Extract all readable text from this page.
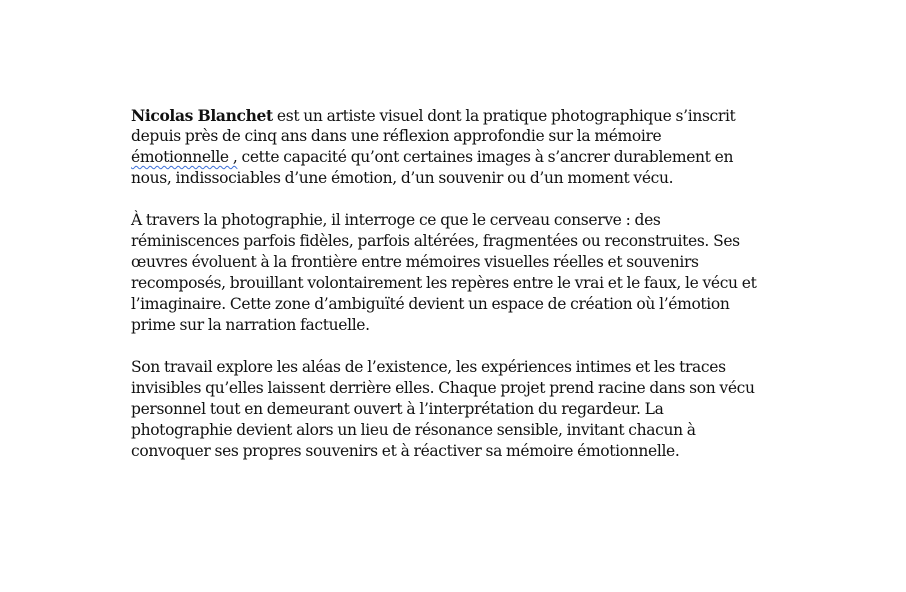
Nicolas Blanchet est un artiste visuel dont la pratique photographique s’inscrit
depuis près de cinq ans dans une réflexion approfondie sur la mémoire
émotionnelle , cette capacité qu’ont certaines images à s’ancrer durablement en
nous, indissociables d’une émotion, d’un souvenir ou d’un moment vécu.

À travers la photographie, il interroge ce que le cerveau conserve : des
réminiscences parfois fidèles, parfois altérées, fragmentées ou reconstruites. Ses
œuvres évoluent à la frontière entre mémoires visuelles réelles et souvenirs
recomposés, brouillant volontairement les repères entre le vrai et le faux, le vécu et
l’imaginaire. Cette zone d’ambiguïté devient un espace de création où l’émotion
prime sur la narration factuelle.

Son travail explore les aléas de l’existence, les expériences intimes et les traces
invisibles qu’elles laissent derrière elles. Chaque projet prend racine dans son vécu
personnel tout en demeurant ouvert à l’interprétation du regardeur. La
photographie devient alors un lieu de résonance sensible, invitant chacun à
convoquer ses propres souvenirs et à réactiver sa mémoire émotionnelle.
